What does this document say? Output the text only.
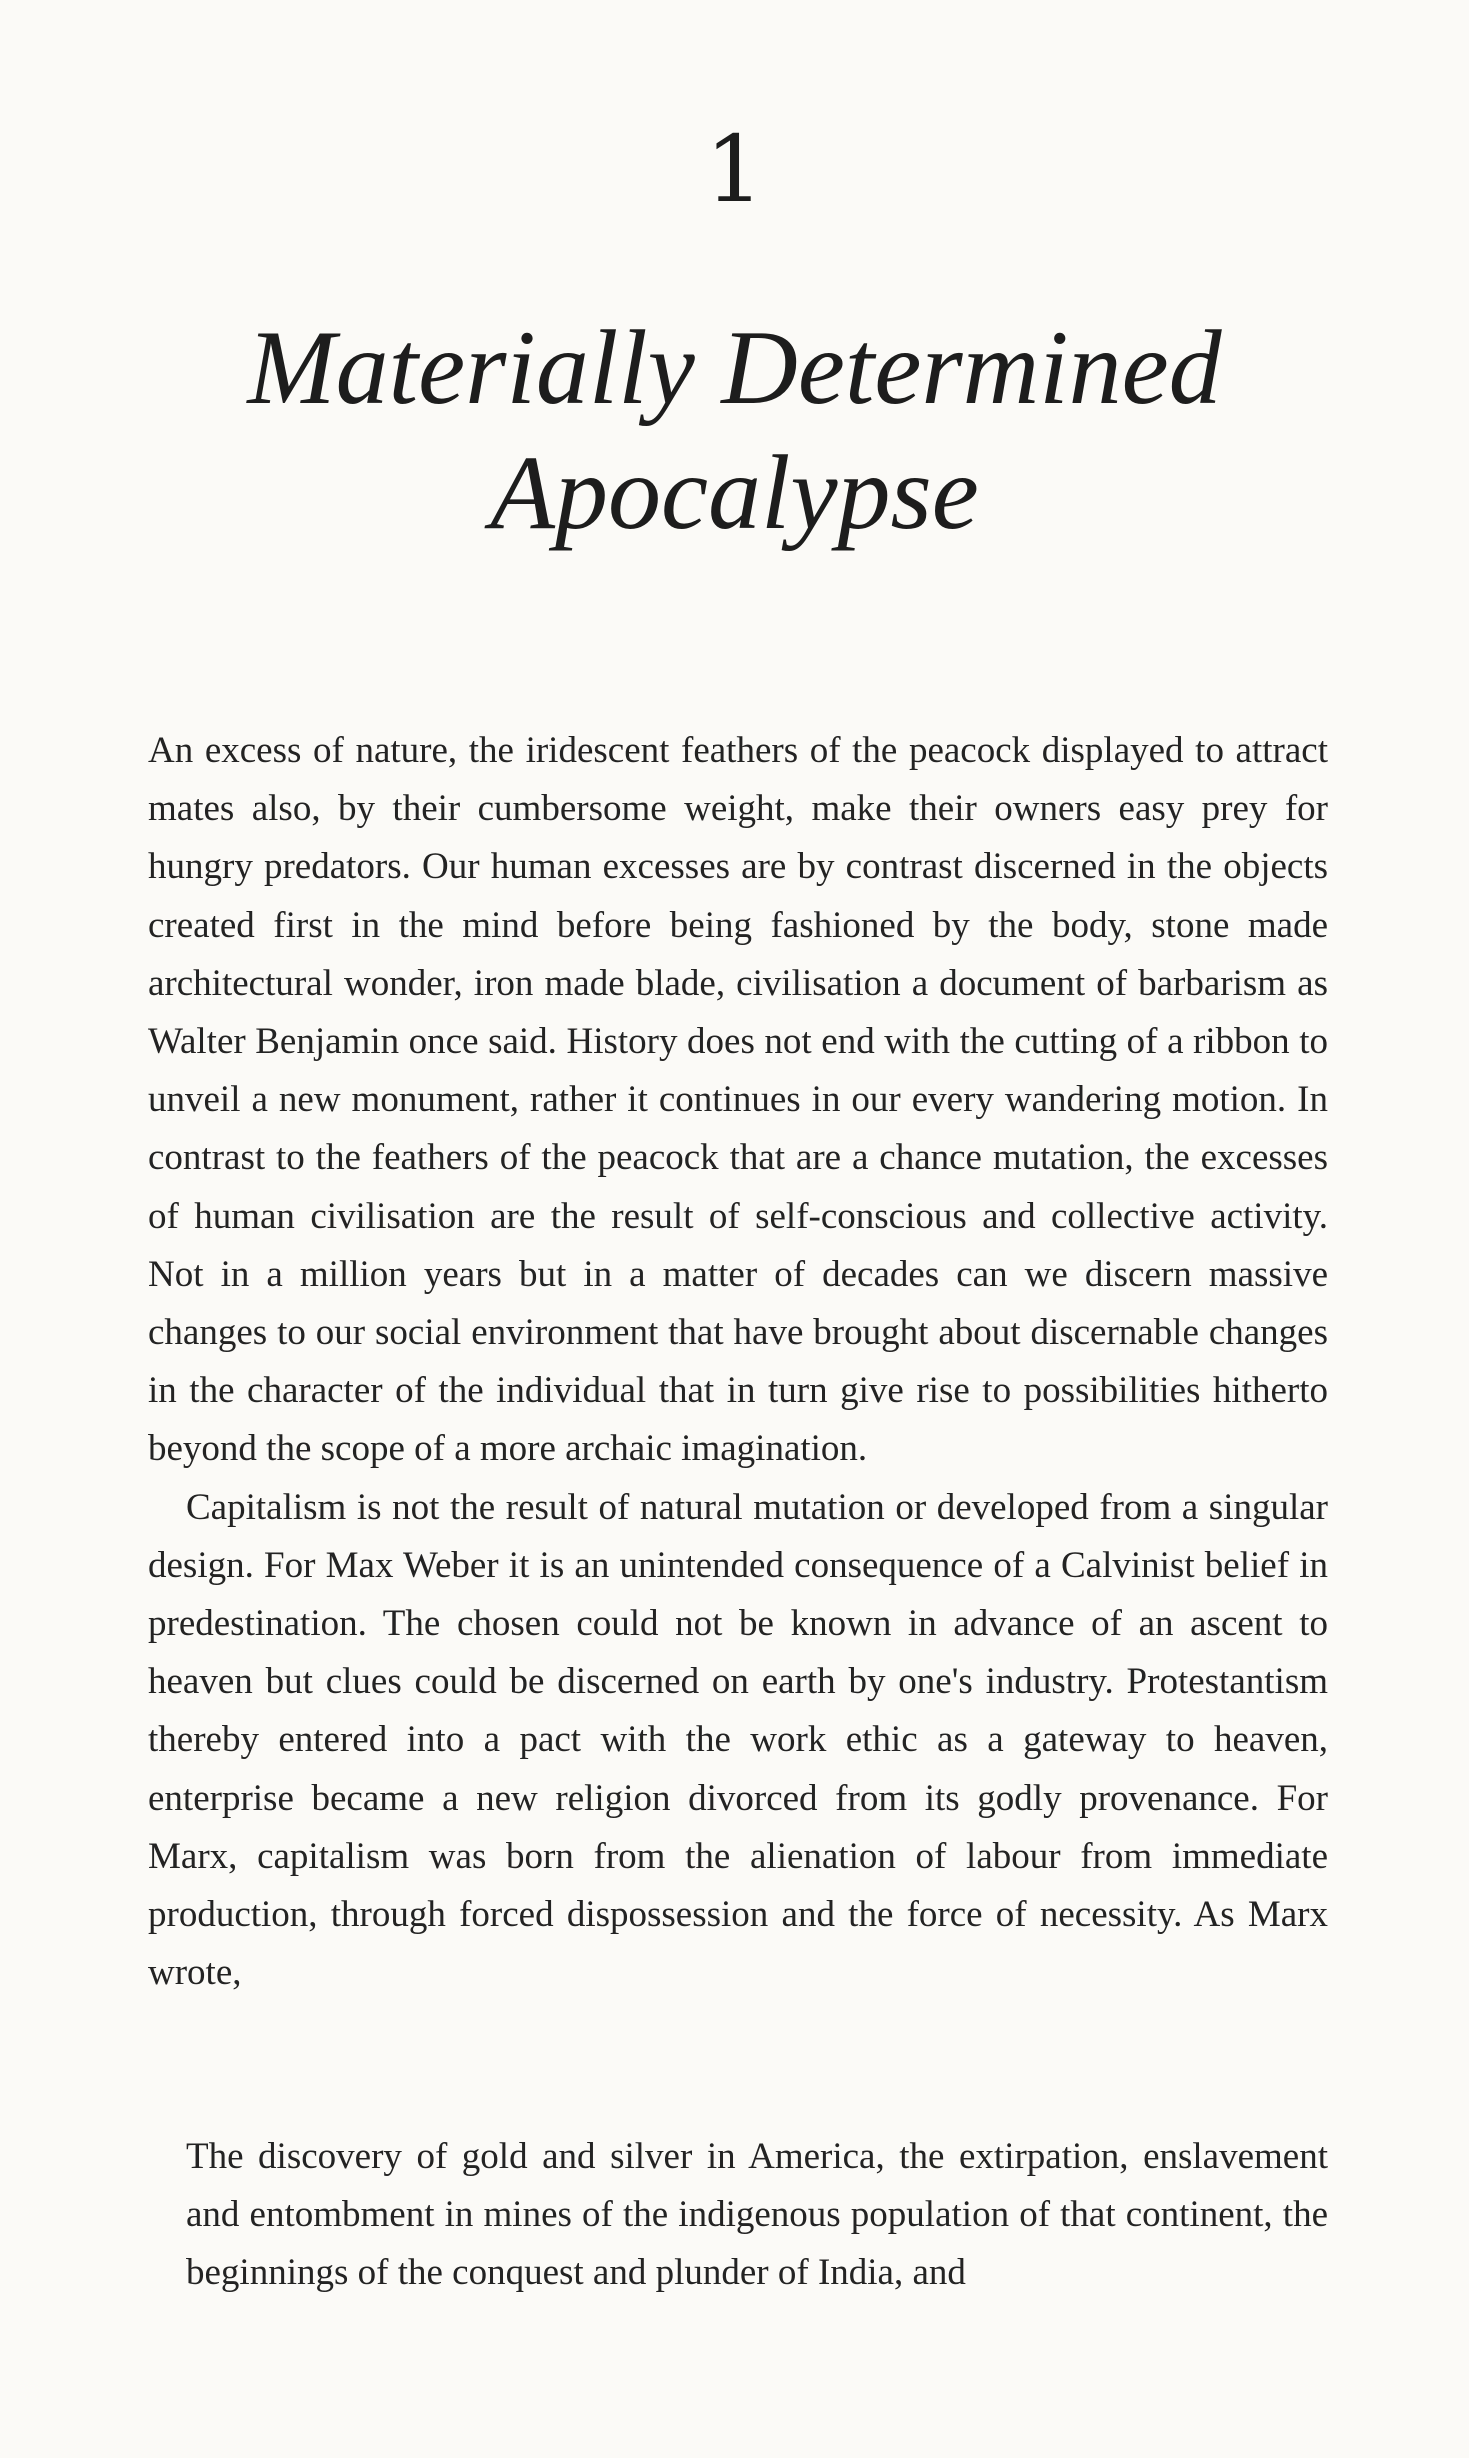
1
Materially Determined
Apocalypse

An excess of nature, the iridescent feathers of the peacock displayed to attract mates also, by their cumbersome weight, make their owners easy prey for hungry predators. Our human excesses are by contrast discerned in the objects created first in the mind before being fashioned by the body, stone made architectural wonder, iron made blade, civilisation a document of barbarism as Walter Benjamin once said. History does not end with the cutting of a ribbon to unveil a new monument, rather it continues in our every wandering motion. In contrast to the feathers of the peacock that are a chance mutation, the excesses of human civilisation are the result of self-conscious and collective activity. Not in a million years but in a matter of decades can we discern massive changes to our social environment that have brought about discernable changes in the character of the individual that in turn give rise to possibilities hitherto beyond the scope of a more archaic imagination.

Capitalism is not the result of natural mutation or developed from a singular design. For Max Weber it is an unintended consequence of a Calvinist belief in predestination. The chosen could not be known in advance of an ascent to heaven but clues could be discerned on earth by one's industry. Protestantism thereby entered into a pact with the work ethic as a gateway to heaven, enterprise became a new religion divorced from its godly provenance. For Marx, capitalism was born from the alienation of labour from immediate production, through forced dispossession and the force of necessity. As Marx wrote,

The discovery of gold and silver in America, the extirpation, enslavement and entombment in mines of the indigenous population of that continent, the beginnings of the conquest and plunder of India, and
